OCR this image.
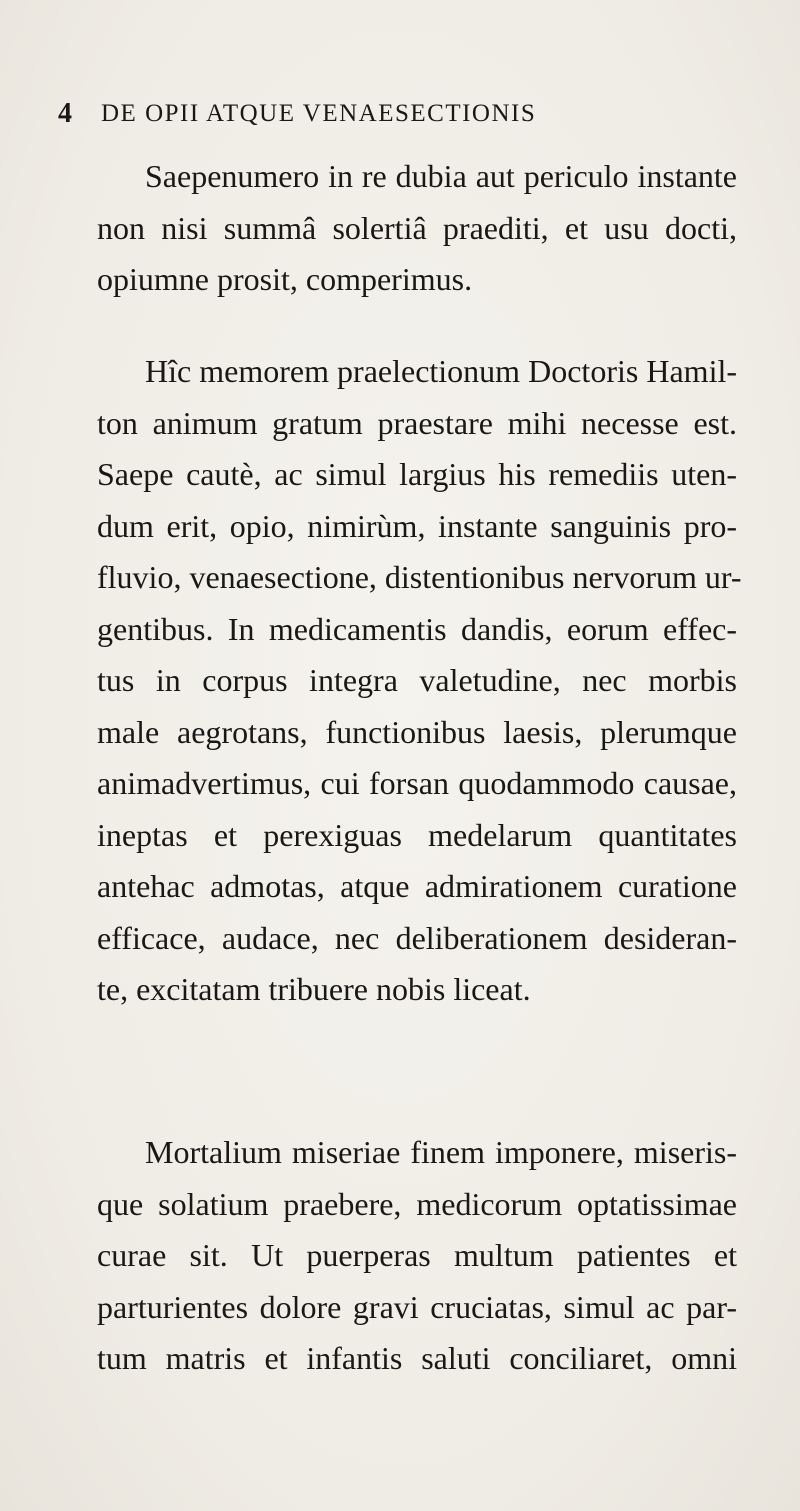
4 DE OPII ATQUE VENAESECTIONIS

Saepenumero in re dubia aut periculo instante
non nisi summâ solertiâ praediti, et usu docti,
opiumne prosit, comperimus.

Hîc memorem praelectionum Doctoris Hamil-
ton animum gratum praestare mihi necesse est.
Saepe cautè, ac simul largius his remediis uten-
dum erit, opio, nimirùm, instante sanguinis pro-
fluvio, venaesectione, distentionibus nervorum ur-
gentibus. In medicamentis dandis, eorum effec-
tus in corpus integra valetudine, nec morbis
male aegrotans, functionibus laesis, plerumque
animadvertimus, cui forsan quodammodo causae,
ineptas et perexiguas medelarum quantitates
antehac admotas, atque admirationem curatione
efficace, audace, nec deliberationem desideran-
te, excitatam tribuere nobis liceat.

Mortalium miseriae finem imponere, miseris-
que solatium praebere, medicorum optatissimae
curae sit. Ut puerperas multum patientes et
parturientes dolore gravi cruciatas, simul ac par-
tum matris et infantis saluti conciliaret, omni
